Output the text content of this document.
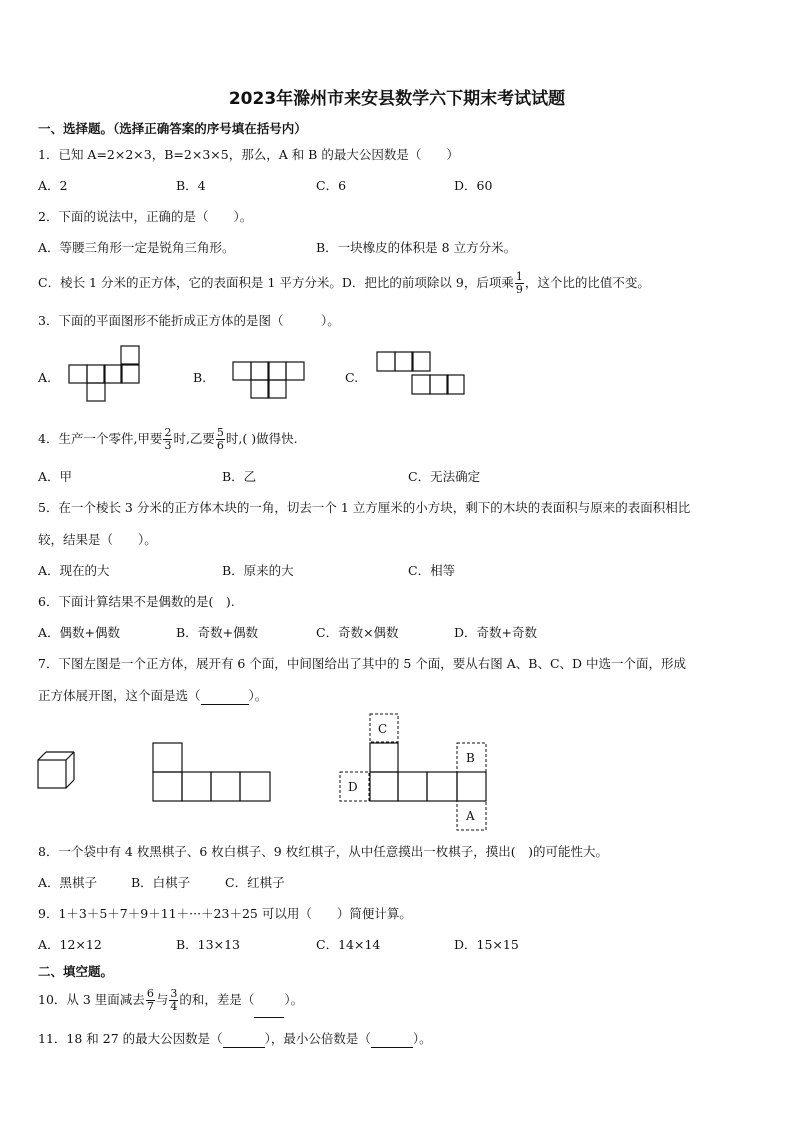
2023年滁州市来安县数学六下期末考试试题
一、选择题。（选择正确答案的序号填在括号内）
1．已知 A=2×2×3，B=2×3×5，那么，A 和 B 的最大公因数是（　　）
A．2	B．4	C．6	D．60
2．下面的说法中，正确的是（　　）。
A．等腰三角形一定是锐角三角形。	B．一块橡皮的体积是 8 立方分米。
C．棱长 1 分米的正方体，它的表面积是 1 平方分米。D．把比的前项除以 9，后项乘 $\frac{1}{9}$ ，这个比的比值不变。
3．下面的平面图形不能折成正方体的是图（　　　）。
A.	B.	C.
4．生产一个零件,甲要 $\frac{2}{3}$ 时,乙要 $\frac{5}{6}$ 时,( )做得快.
A．甲	B．乙	C．无法确定
5．在一个棱长 3 分米的正方体木块的一角，切去一个 1 立方厘米的小方块，剩下的木块的表面积与原来的表面积相比
较，结果是（　　）。
A．现在的大	B．原来的大	C．相等
6．下面计算结果不是偶数的是(　).
A．偶数+偶数	B．奇数+偶数	C．奇数×偶数	D．奇数+奇数
7．下图左图是一个正方体，展开有 6 个面，中间图给出了其中的 5 个面，要从右图 A、B、C、D 中选一个面，形成
正方体展开图，这个面是选（	）。
C
B
D
A
8．一个袋中有 4 枚黑棋子、6 枚白棋子、9 枚红棋子，从中任意摸出一枚棋子，摸出(　)的可能性大。
A．黑棋子	B．白棋子	C．红棋子
9．1＋3＋5＋7＋9＋11＋···＋23＋25 可以用（　　）简便计算。
A．12×12	B．13×13	C．14×14	D．15×15
二、填空题。
10．从 3 里面减去 $\frac{6}{7}$ 与 $\frac{3}{4}$ 的和，差是（ ）。
11．18 和 27 的最大公因数是（	），最小公倍数是（	）。
